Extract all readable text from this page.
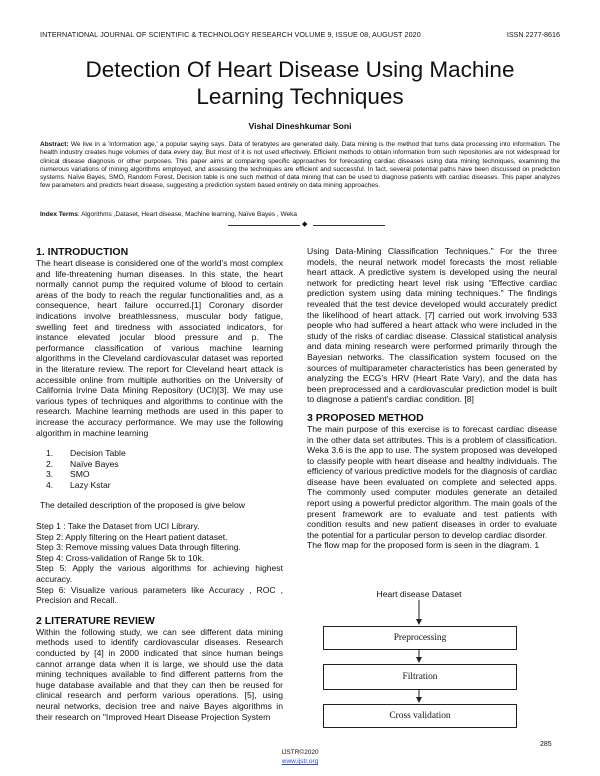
INTERNATIONAL JOURNAL OF SCIENTIFIC & TECHNOLOGY RESEARCH VOLUME 9, ISSUE 08, AUGUST 2020	ISSN 2277-8616
Detection Of Heart Disease Using Machine
Learning Techniques
Vishal Dineshkumar Soni
Abstract: We live in a 'information age,' a popular saying says. Data of terabytes are generated daily. Data mining is the method that turns data processing into information. The health industry creates huge volumes of data every day. But most of it is not used effectively. Efficient methods to obtain information from such repositories are not widespread for clinical disease diagnosis or other purposes. This paper aims at comparing specific approaches for forecasting cardiac diseases using data mining techniques, examining the numerous variations of mining algorithms employed, and assessing the techniques are efficient and successful. In fact, several potential paths have been discussed on prediction systems. Naïve Bayes, SMO, Random Forest, Decision table is one such method of data mining that can be used to diagnose patients with cardiac diseases. This paper analyzes few parameters and predicts heart disease, suggesting a prediction system based entirely on data mining approaches.
Index Terms: Algorithms ,Dataset, Heart disease, Machine learning, Naïve Bayes , Weka
◆
1. INTRODUCTION

The heart disease is considered one of the world's most complex and life-threatening human diseases. In this state, the heart normally cannot pump the required volume of blood to certain areas of the body to reach the regular functionalities and, as a consequence, heart failure occurred.[1] Coronary disorder indications involve breathlessness, muscular body fatigue, swelling feet and tiredness with associated indicators, for instance elevated jocular blood pressure and p. The performance classification of various machine learning algorithms in the Cleveland cardiovascular dataset was reported in the literature review. The report for Cleveland heart attack is accessible online from multiple authorities on the University of California Irvine Data Mining Repository (UCI)[3]. We may use various types of techniques and algorithms to continue with the research. Machine learning methods are used in this paper to increase the accuracy performance. We may use the following algorithm in machine learning

1.	Decision Table
2.	Naïve Bayes
3.	SMO
4.	Lazy Kstar

The detailed description of the proposed is give below

Step 1 : Take the Dataset from UCI Library.

Step 2: Apply filtering on the Heart patient dataset.

Step 3: Remove missing values Data through filtering.

Step 4: Cross-validation of Range 5k to 10k.

Step 5: Apply the various algorithms for achieving highest accuracy.

Step 6: Visualize various parameters like Accuracy , ROC , Precision and Recall.

2 LITERATURE REVIEW

Within the following study, we can see different data mining methods used to identify cardiovascular diseases. Research conducted by [4] in 2000 indicated that since human beings cannot arrange data when it is large, we should use the data mining techniques available to find different patterns from the huge database available and that they can then be reused for clinical research and perform various operations. [5], using neural networks, decision tree and naive Bayes algorithms in their research on "Improved Heart Disease Projection System

Using Data-Mining Classification Techniques." For the three models, the neural network model forecasts the most reliable heart attack. A predictive system is developed using the neural network for predicting heart level risk using "Effective cardiac prediction system using data mining techniques." The findings revealed that the test device developed would accurately predict the likelihood of heart attack. [7] carried out work involving 533 people who had suffered a heart attack who were included in the study of the risks of cardiac disease. Classical statistical analysis and data mining research were performed primarily through the Bayesian networks. The classification system focused on the sources of multiparameter characteristics has been generated by analyzing the ECG's HRV (Heart Rate Vary), and the data has been preprocessed and a cardiovascular prediction model is built to diagnose a patient's cardiac condition. [8]

3 PROPOSED METHOD

The main purpose of this exercise is to forecast cardiac disease in the other data set attributes. This is a problem of classification. Weka 3.6 is the app to use. The system proposed was developed to classify people with heart disease and healthy individuals. The efficiency of various predictive models for the diagnosis of cardiac disease have been evaluated on complete and selected apps. The commonly used computer modules generate an detailed report using a powerful predictor algorithm. The main goals of the present framework are to evaluate and test patients with condition results and new patient diseases in order to evaluate the potential for a particular person to develop cardiac disorder.

The flow map for the proposed form is seen in the diagram. 1

Heart disease Dataset
Preprocessing
Filtration
Cross validation
285
IJSTR©2020
www.ijstr.org
